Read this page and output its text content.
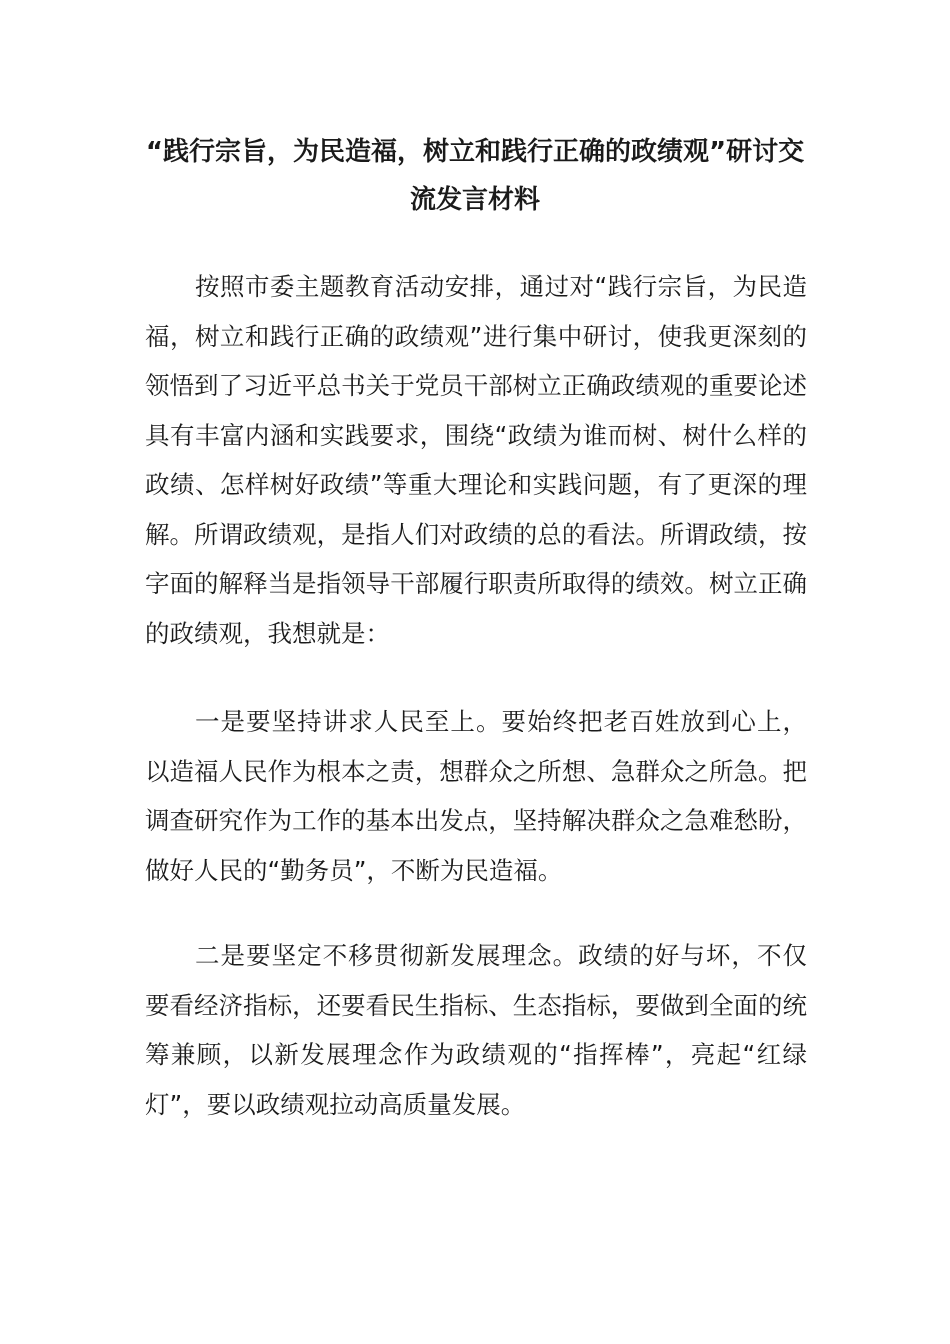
“践行宗旨，为民造福，树立和践行正确的政绩观”研讨交流发言材料

按照市委主题教育活动安排，通过对“践行宗旨，为民造福，树立和践行正确的政绩观”进行集中研讨，使我更深刻的领悟到了习近平总书关于党员干部树立正确政绩观的重要论述具有丰富内涵和实践要求，围绕“政绩为谁而树、树什么样的政绩、怎样树好政绩”等重大理论和实践问题，有了更深的理解。所谓政绩观，是指人们对政绩的总的看法。所谓政绩，按字面的解释当是指领导干部履行职责所取得的绩效。树立正确的政绩观，我想就是：

一是要坚持讲求人民至上。要始终把老百姓放到心上，以造福人民作为根本之责，想群众之所想、急群众之所急。把调查研究作为工作的基本出发点，坚持解决群众之急难愁盼，做好人民的“勤务员”，不断为民造福。

二是要坚定不移贯彻新发展理念。政绩的好与坏，不仅要看经济指标，还要看民生指标、生态指标，要做到全面的统筹兼顾，以新发展理念作为政绩观的“指挥棒”，亮起“红绿灯”，要以政绩观拉动高质量发展。
